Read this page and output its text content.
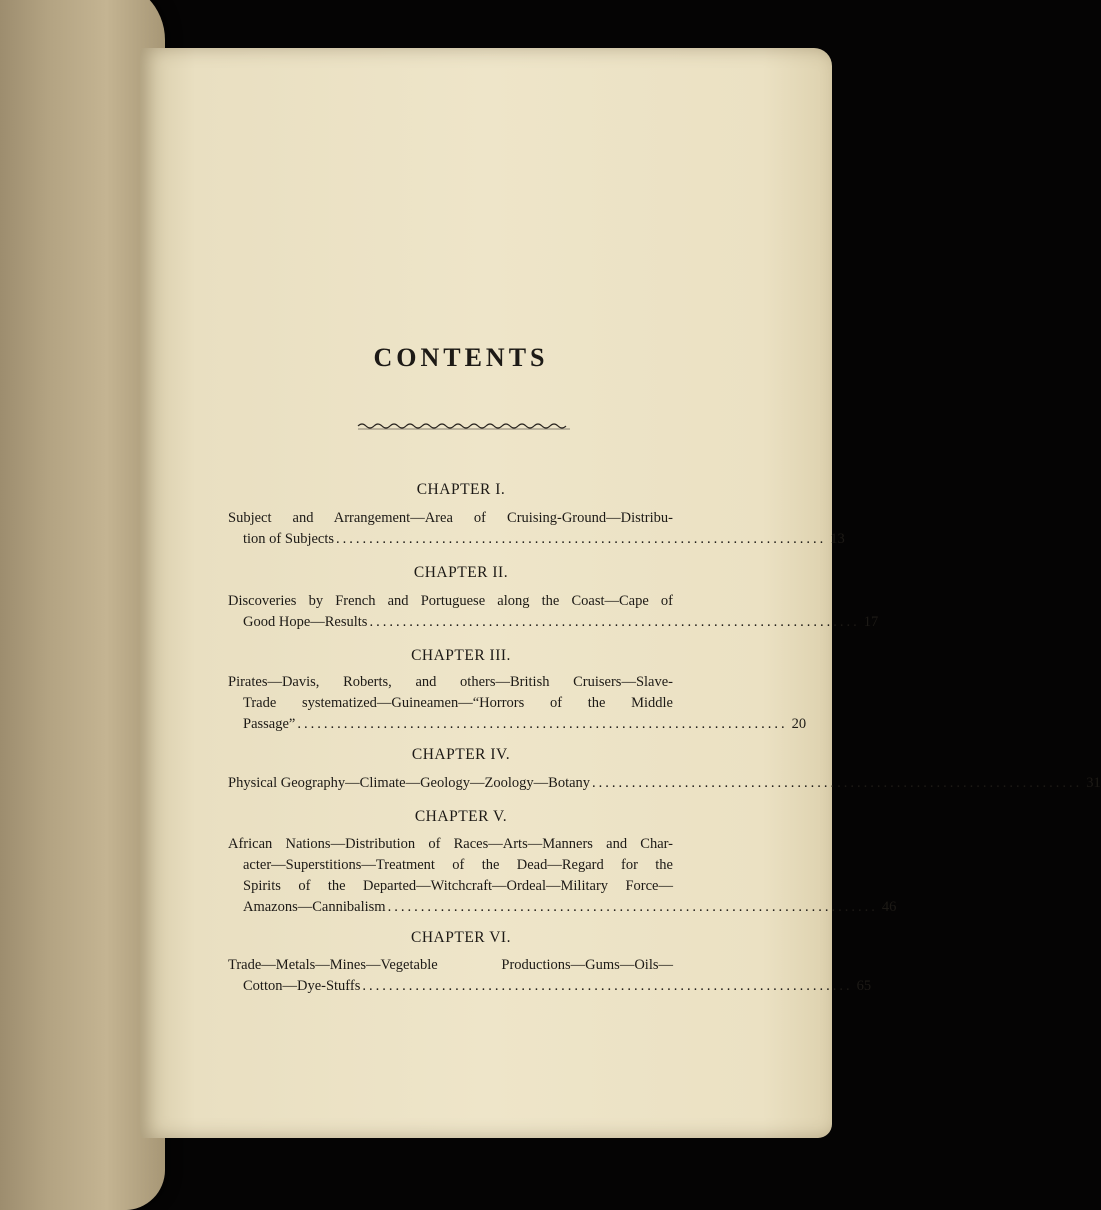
CONTENTS
CHAPTER I.
Subject and Arrangement—Area of Cruising-Ground—Distribu-
tion of Subjects .......................................................................... 13
CHAPTER II.
Discoveries by French and Portuguese along the Coast—Cape of
Good Hope—Results .......................................................................... 17
CHAPTER III.
Pirates—Davis, Roberts, and others—British Cruisers—Slave-
Trade systematized—Guineamen—“Horrors of the Middle
Passage” .......................................................................... 20
CHAPTER IV.
Physical Geography—Climate—Geology—Zoology—Botany .......................................................................... 31
CHAPTER V.
African Nations—Distribution of Races—Arts—Manners and Char-
acter—Superstitions—Treatment of the Dead—Regard for the
Spirits of the Departed—Witchcraft—Ordeal—Military Force—
Amazons—Cannibalism .......................................................................... 46
CHAPTER VI.
Trade—Metals—Mines—Vegetable Productions—Gums—Oils—
Cotton—Dye-Stuffs .......................................................................... 65
